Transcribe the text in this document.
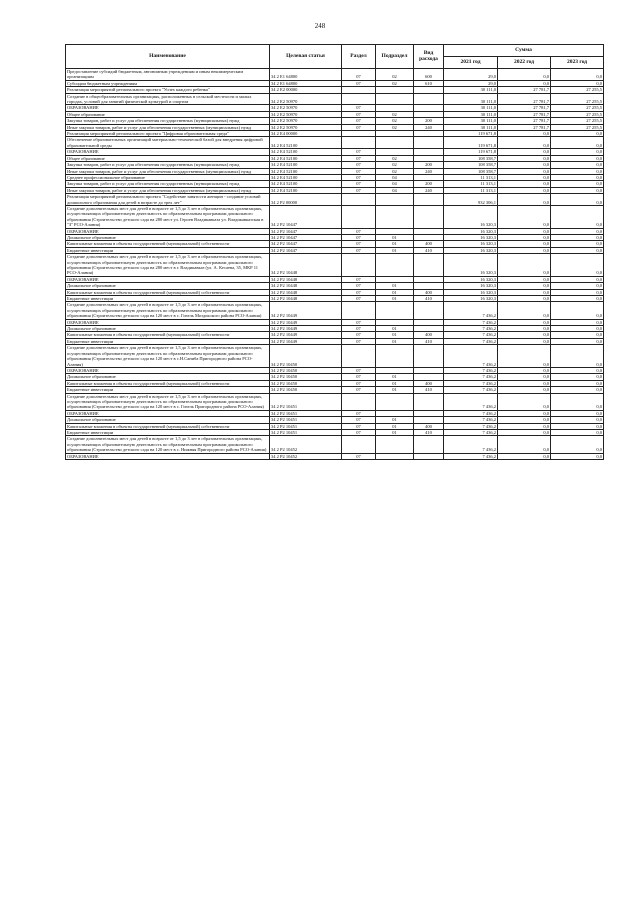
248
Наименование	Целевая статья	Раздел	Подраздел	Вид расхода	Сумма		
					2021 год	2022 год	2023 год
Предоставление субсидий бюджетным, автономным учреждениям и иным некоммерческим организациям	34 2 Е1 64800	07	02	600	29,0	0,0	0,0
Субсидии бюджетным учреждениям	34 2 Е1 64800	07	02	610	29,0	0,0	0,0
Реализация мероприятий регионального проекта "Успех каждого ребенка"	34 2 Е2 00000				30 111,0	27 781,7	27 255,5
Создание в общеобразовательных организациях, расположенных в сельской местности и малых городах, условий для занятий физической культурой и спортом	34 2 Е2 50970				30 111,0	27 781,7	27 255,5
ОБРАЗОВАНИЕ	34 2 Е2 50970	07			30 111,0	27 781,7	27 255,5
Общее образование	34 2 Е2 50970	07	02		30 111,0	27 781,7	27 255,5
Закупка товаров, работ и услуг для обеспечения государственных (муниципальных) нужд	34 2 Е2 50970	07	02	200	30 111,0	27 781,7	27 255,5
Иные закупки товаров, работ и услуг для обеспечения государственных (муниципальных) нужд	34 2 Е2 50970	07	02	240	30 111,0	27 781,7	27 255,5
Реализация мероприятий регионального проекта "Цифровая образовательная среда"	34 2 Е4 00000				119 671,8	0,0	0,0
Обеспечение образовательных организаций материально-технической базой для внедрения цифровой образовательной среды	34 2 Е4 52100				119 671,8	0,0	0,0
ОБРАЗОВАНИЕ	34 2 Е4 52100	07			119 671,8	0,0	0,0
Общее образование	34 2 Е4 52100	07	02		108 358,7	0,0	0,0
Закупка товаров, работ и услуг для обеспечения государственных (муниципальных) нужд	34 2 Е4 52100	07	02	200	108 358,7	0,0	0,0
Иные закупки товаров, работ и услуг для обеспечения государственных (муниципальных) нужд	34 2 Е4 52100	07	02	240	108 358,7	0,0	0,0
Среднее профессиональное образование	34 2 Е4 52100	07	04		11 313,1	0,0	0,0
Закупка товаров, работ и услуг для обеспечения государственных (муниципальных) нужд	34 2 Е4 52100	07	04	200	11 313,1	0,0	0,0
Иные закупки товаров, работ и услуг для обеспечения государственных (муниципальных) нужд	34 2 Е4 52100	07	04	240	11 313,1	0,0	0,0
Реализация мероприятий регионального проекта "Содействие занятости женщин - создание условий дошкольного образования для детей в возрасте до трех лет"	34 2 Р2 00000				932 306,1	0,0	0,0
Создание дополнительных мест для детей в возрасте от 1,5 до 3 лет в образовательных организациях, осуществляющих образовательную деятельность по образовательным программам дошкольного образования (Строительство детского сада на 280 мест ул. Героев Владикавказа ул. Владикавказская в "З" РСО-Алания)	34 2 Р2 10447				16 320,3	0,0	0,0
ОБРАЗОВАНИЕ	34 2 Р2 10447	07			16 320,3	0,0	0,0
Дошкольное образование	34 2 Р2 10447	07	01		16 320,3	0,0	0,0
Капитальные вложения в объекты государственной (муниципальной) собственности	34 2 Р2 10447	07	01	400	16 320,3	0,0	0,0
Бюджетные инвестиции	34 2 Р2 10447	07	01	410	16 320,3	0,0	0,0
Создание дополнительных мест для детей в возрасте от 1,5 до 3 лет в образовательных организациях, осуществляющих образовательную деятельность по образовательным программам дошкольного образования (Строительство детского сада на 280 мест в г. Владикавказ (ул. А. Кесаева, 35, МКР 11 РСО-Алания)	34 2 Р2 10448				16 320,3	0,0	0,0
ОБРАЗОВАНИЕ	34 2 Р2 10448	07			16 320,3	0,0	0,0
Дошкольное образование	34 2 Р2 10448	07	01		16 320,3	0,0	0,0
Капитальные вложения в объекты государственной (муниципальной) собственности	34 2 Р2 10448	07	01	400	16 320,3	0,0	0,0
Бюджетные инвестиции	34 2 Р2 10448	07	01	410	16 320,3	0,0	0,0
Создание дополнительных мест для детей в возрасте от 1,5 до 3 лет в образовательных организациях, осуществляющих образовательную деятельность по образовательным программам дошкольного образования (Строительство детского сада на 120 мест в с. Гизель Моздокского района РСО-Алания)	34 2 Р2 10449				7 436,2	0,0	0,0
ОБРАЗОВАНИЕ	34 2 Р2 10449	07			7 436,2	0,0	0,0
Дошкольное образование	34 2 Р2 10449	07	01		7 436,2	0,0	0,0
Капитальные вложения в объекты государственной (муниципальной) собственности	34 2 Р2 10449	07	01	400	7 436,2	0,0	0,0
Бюджетные инвестиции	34 2 Р2 10449	07	01	410	7 436,2	0,0	0,0
Создание дополнительных мест для детей в возрасте от 1,5 до 3 лет в образовательных организациях, осуществляющих образовательную деятельность по образовательным программам дошкольного образования (Строительство детского сада на 120 мест в с.Н.Саниба Пригородного района РСО-Алания)	34 2 Р2 10450				7 436,2	0,0	0,0
ОБРАЗОВАНИЕ	34 2 Р2 10450	07			7 436,2	0,0	0,0
Дошкольное образование	34 2 Р2 10450	07	01		7 436,2	0,0	0,0
Капитальные вложения в объекты государственной (муниципальной) собственности	34 2 Р2 10450	07	01	400	7 436,2	0,0	0,0
Бюджетные инвестиции	34 2 Р2 10450	07	01	410	7 436,2	0,0	0,0
Создание дополнительных мест для детей в возрасте от 1,5 до 3 лет в образовательных организациях, осуществляющих образовательную деятельность по образовательным программам дошкольного образования (Строительство детского сада на 120 мест в с. Гизель Пригородного района РСО-Алания)	34 2 Р2 10451				7 436,2	0,0	0,0
ОБРАЗОВАНИЕ	34 2 Р2 10451	07			7 436,2	0,0	0,0
Дошкольное образование	34 2 Р2 10451	07	01		7 436,2	0,0	0,0
Капитальные вложения в объекты государственной (муниципальной) собственности	34 2 Р2 10451	07	01	400	7 436,2	0,0	0,0
Бюджетные инвестиции	34 2 Р2 10451	07	01	410	7 436,2	0,0	0,0
Создание дополнительных мест для детей в возрасте от 1,5 до 3 лет в образовательных организациях, осуществляющих образовательную деятельность по образовательным программам дошкольного образования (Строительство детского сада на 120 мест в с. Нижняя Пригородного района РСО-Алания)	34 2 Р2 10452				7 436,2	0,0	0,0
ОБРАЗОВАНИЕ	34 2 Р2 10452	07			7 436,2	0,0	0,0
